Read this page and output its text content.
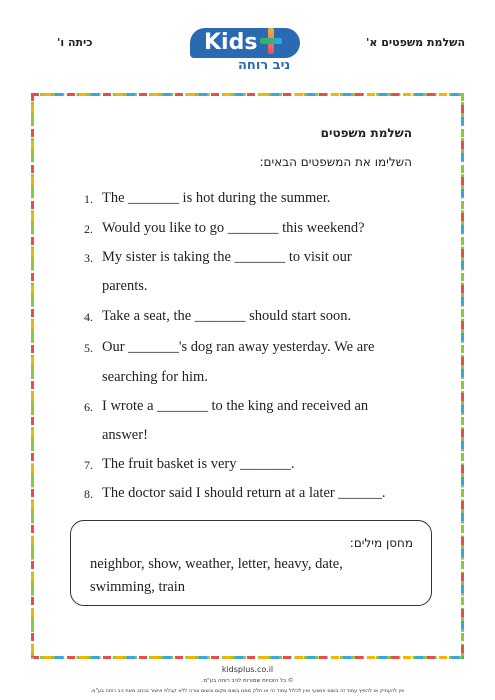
השלמת משפטים א'
כיתה ו'	Kids
ניב רוחה
השלמת משפטים
השלימו את המשפטים הבאים:
1. The _______ is hot during the summer.
2. Would you like to go _______ this weekend?
3. My sister is taking the _______ to visit our
parents.
4. Take a seat, the _______ should start soon.
5. Our _______'s dog ran away yesterday. We are
searching for him.
6. I wrote a _______ to the king and received an
answer!
7. The fruit basket is very _______.
8. The doctor said I should return at a later ______.
מחסן מילים:
neighbor, show, weather, letter, heavy, date,
swimming, train
kidsplus.co.il
© כל הזכויות שמורות לניב רוחה בע"מ.
אין להעתיק או להפיץ עמוד זה בשום אמצעי ואין לכלול עמוד זה או חלק ממנו בשום מקום ובשום צורה ללא קבלת אישור בכתב מאת ניב רוחה בע"מ.
